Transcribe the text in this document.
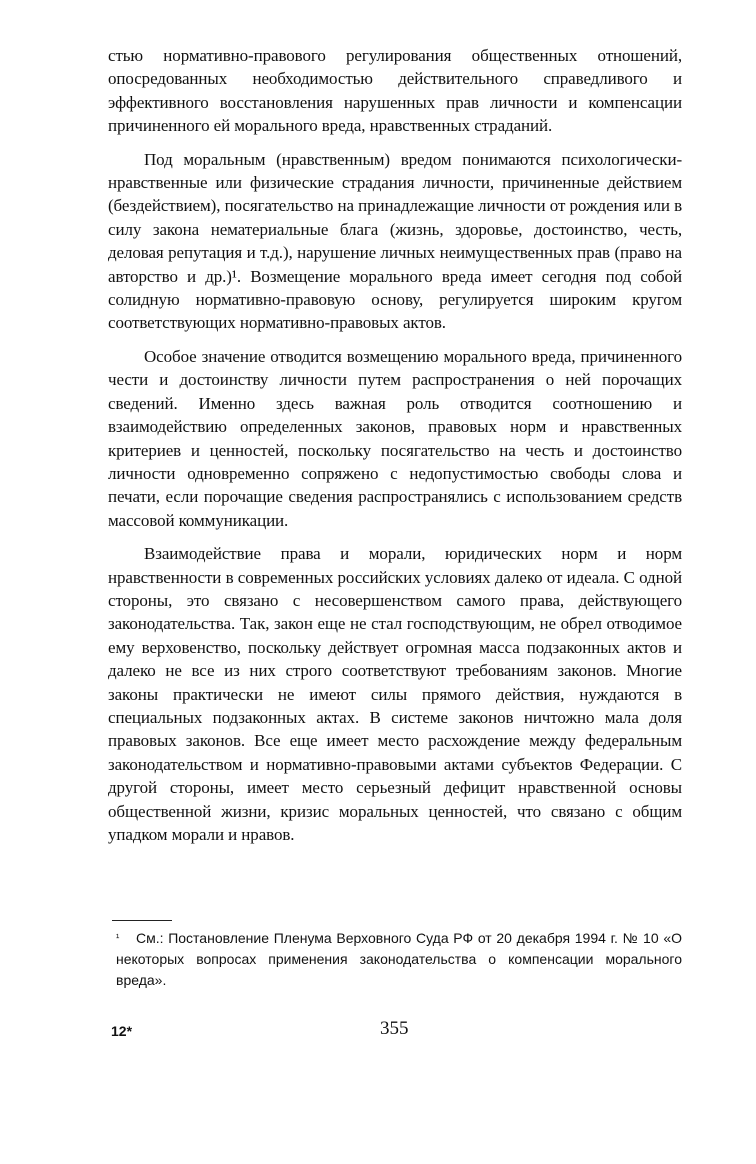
стью нормативно-правового регулирования общественных отношений, опосредованных необходимостью действительного справедливого и эффективного восстановления нарушенных прав личности и компенсации причиненного ей морального вреда, нравственных страданий.

Под моральным (нравственным) вредом понимаются психологически-нравственные или физические страдания личности, причиненные действием (бездействием), посягательство на принадлежащие личности от рождения или в силу закона нематериальные блага (жизнь, здоровье, достоинство, честь, деловая репутация и т.д.), нарушение личных неимущественных прав (право на авторство и др.)¹. Возмещение морального вреда имеет сегодня под собой солидную нормативно-правовую основу, регулируется широким кругом соответствующих нормативно-правовых актов.

Особое значение отводится возмещению морального вреда, причиненного чести и достоинству личности путем распространения о ней порочащих сведений. Именно здесь важная роль отводится соотношению и взаимодействию определенных законов, правовых норм и нравственных критериев и ценностей, поскольку посягательство на честь и достоинство личности одновременно сопряжено с недопустимостью свободы слова и печати, если порочащие сведения распространялись с использованием средств массовой коммуникации.

Взаимодействие права и морали, юридических норм и норм нравственности в современных российских условиях далеко от идеала. С одной стороны, это связано с несовершенством самого права, действующего законодательства. Так, закон еще не стал господствующим, не обрел отводимое ему верховенство, поскольку действует огромная масса подзаконных актов и далеко не все из них строго соответствуют требованиям законов. Многие законы практически не имеют силы прямого действия, нуждаются в специальных подзаконных актах. В системе законов ничтожно мала доля правовых законов. Все еще имеет место расхождение между федеральным законодательством и нормативно-правовыми актами субъектов Федерации. С другой стороны, имеет место серьезный дефицит нравственной основы общественной жизни, кризис моральных ценностей, что связано с общим упадком морали и нравов.

¹ См.: Постановление Пленума Верховного Суда РФ от 20 декабря 1994 г. № 10 «О некоторых вопросах применения законодательства о компенсации морального вреда».
12*	355
